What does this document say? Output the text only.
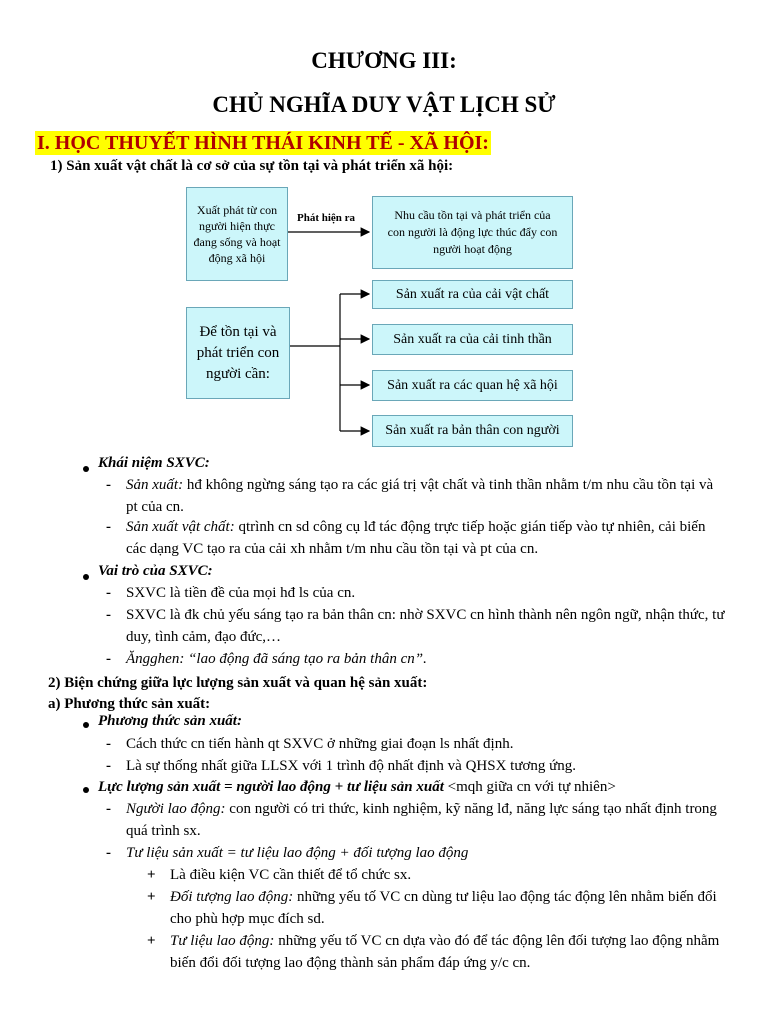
CHƯƠNG III:
CHỦ NGHĨA DUY VẬT LỊCH SỬ
I. HỌC THUYẾT HÌNH THÁI KINH TẾ - XÃ HỘI:
1) Sản xuất vật chất là cơ sở của sự tồn tại và phát triển xã hội:
Xuất phát từ con người hiện thực đang sống và hoạt động xã hội
Phát hiện ra	Nhu cầu tồn tại và phát triển của con người là động lực thúc đẩy con người hoạt động
Để tồn tại và phát triển con người cần:
Sản xuất ra của cải vật chất
Sản xuất ra của cải tinh thần
Sản xuất ra các quan hệ xã hội
Sản xuất ra bản thân con người
Khái niệm SXVC:
- Sản xuất: hđ không ngừng sáng tạo ra các giá trị vật chất và tinh thần nhằm t/m nhu cầu tồn tại và pt của cn.
- Sản xuất vật chất: qtrình cn sd công cụ lđ tác động trực tiếp hoặc gián tiếp vào tự nhiên, cải biến các dạng VC tạo ra của cải xh nhằm t/m nhu cầu tồn tại và pt của cn.
Vai trò của SXVC:
- SXVC là tiền đề của mọi hđ ls của cn.
- SXVC là đk chủ yếu sáng tạo ra bản thân cn: nhờ SXVC cn hình thành nên ngôn ngữ, nhận thức, tư duy, tình cảm, đạo đức,…
- Ăngghen: “lao động đã sáng tạo ra bản thân cn”.
2) Biện chứng giữa lực lượng sản xuất và quan hệ sản xuất:
a) Phương thức sản xuất:
Phương thức sản xuất:
- Cách thức cn tiến hành qt SXVC ở những giai đoạn ls nhất định.
- Là sự thống nhất giữa LLSX với 1 trình độ nhất định và QHSX tương ứng.
Lực lượng sản xuất = người lao động + tư liệu sản xuất <mqh giữa cn với tự nhiên>
- Người lao động: con người có tri thức, kinh nghiệm, kỹ năng lđ, năng lực sáng tạo nhất định trong quá trình sx.
- Tư liệu sản xuất = tư liệu lao động + đối tượng lao động
+ Là điều kiện VC cần thiết để tổ chức sx.
+ Đối tượng lao động: những yếu tố VC cn dùng tư liệu lao động tác động lên nhằm biến đổi cho phù hợp mục đích sd.
+ Tư liệu lao động: những yếu tố VC cn dựa vào đó để tác động lên đối tượng lao động nhằm biến đổi đối tượng lao động thành sản phẩm đáp ứng y/c cn.
